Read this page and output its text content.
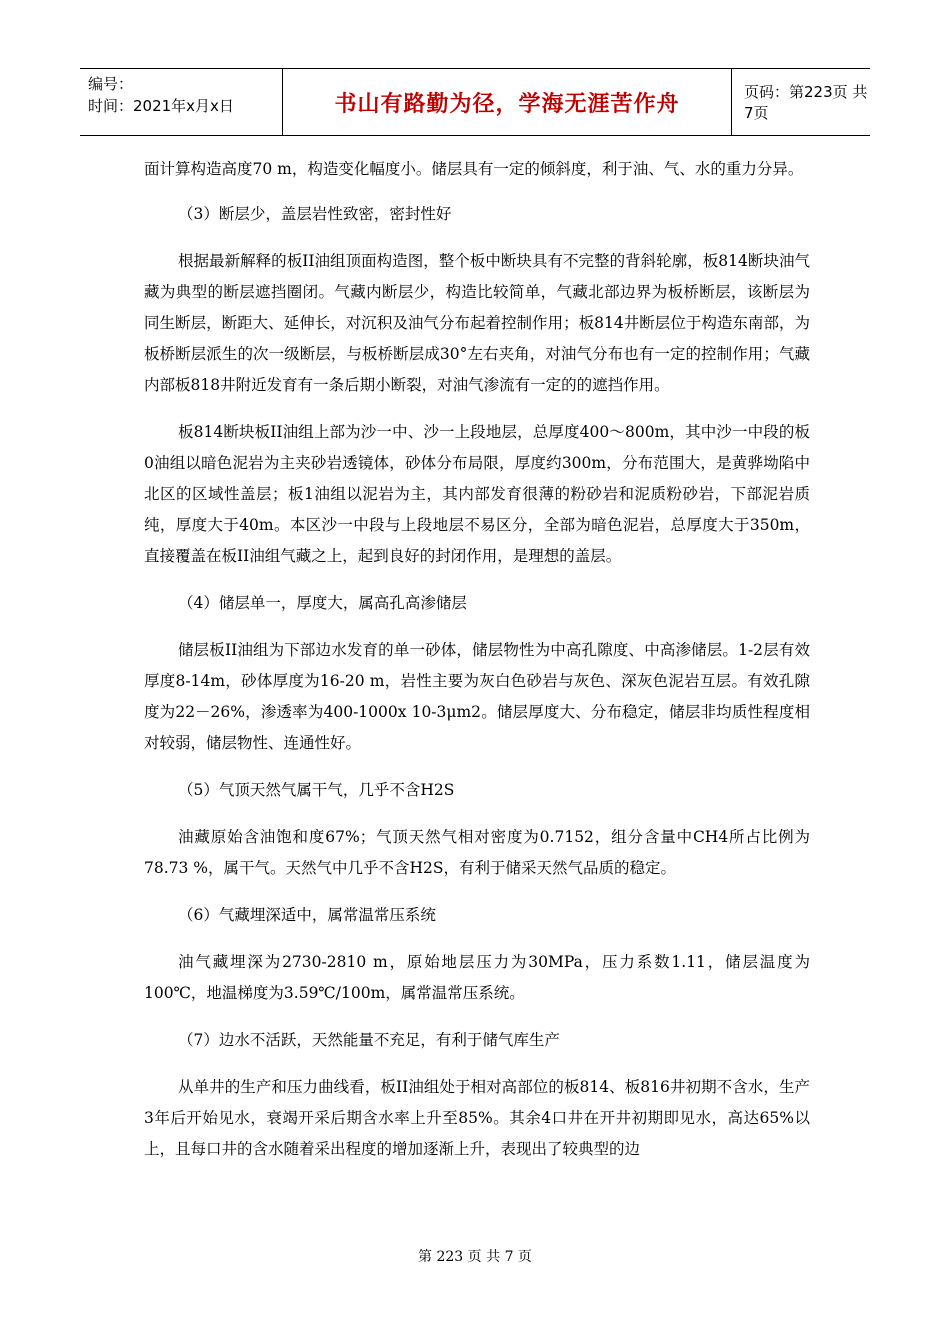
编号：
时间：2021年x月x日	书山有路勤为径，学海无涯苦作舟	页码：第223页 共7页

面计算构造高度70 m，构造变化幅度小。储层具有一定的倾斜度，利于油、气、水的重力分异。

（3）断层少，盖层岩性致密，密封性好

根据最新解释的板II油组顶面构造图，整个板中断块具有不完整的背斜轮廓，板814断块油气藏为典型的断层遮挡圈闭。气藏内断层少，构造比较简单，气藏北部边界为板桥断层，该断层为同生断层，断距大、延伸长，对沉积及油气分布起着控制作用；板814井断层位于构造东南部，为板桥断层派生的次一级断层，与板桥断层成30°左右夹角，对油气分布也有一定的控制作用；气藏内部板818井附近发育有一条后期小断裂，对油气渗流有一定的的遮挡作用。

板814断块板II油组上部为沙一中、沙一上段地层，总厚度400～800m，其中沙一中段的板0油组以暗色泥岩为主夹砂岩透镜体，砂体分布局限，厚度约300m，分布范围大，是黄骅坳陷中北区的区域性盖层；板1油组以泥岩为主，其内部发育很薄的粉砂岩和泥质粉砂岩，下部泥岩质纯，厚度大于40m。本区沙一中段与上段地层不易区分，全部为暗色泥岩，总厚度大于350m，直接覆盖在板II油组气藏之上，起到良好的封闭作用，是理想的盖层。

（4）储层单一，厚度大，属高孔高渗储层

储层板II油组为下部边水发育的单一砂体，储层物性为中高孔隙度、中高渗储层。1-2层有效厚度8-14m，砂体厚度为16-20 m，岩性主要为灰白色砂岩与灰色、深灰色泥岩互层。有效孔隙度为22－26%，渗透率为400-1000x 10-3μm2。储层厚度大、分布稳定，储层非均质性程度相对较弱，储层物性、连通性好。

（5）气顶天然气属干气，几乎不含H2S

油藏原始含油饱和度67%；气顶天然气相对密度为0.7152，组分含量中CH4所占比例为78.73 %，属干气。天然气中几乎不含H2S，有利于储采天然气品质的稳定。

（6）气藏埋深适中，属常温常压系统

油气藏埋深为2730-2810 m，原始地层压力为30MPa，压力系数1.11，储层温度为100℃，地温梯度为3.59℃/100m，属常温常压系统。

（7）边水不活跃，天然能量不充足，有利于储气库生产

从单井的生产和压力曲线看，板II油组处于相对高部位的板814、板816井初期不含水，生产3年后开始见水，衰竭开采后期含水率上升至85%。其余4口井在开井初期即见水，高达65%以上，且每口井的含水随着采出程度的增加逐渐上升，表现出了较典型的边

第 223 页 共 7 页
